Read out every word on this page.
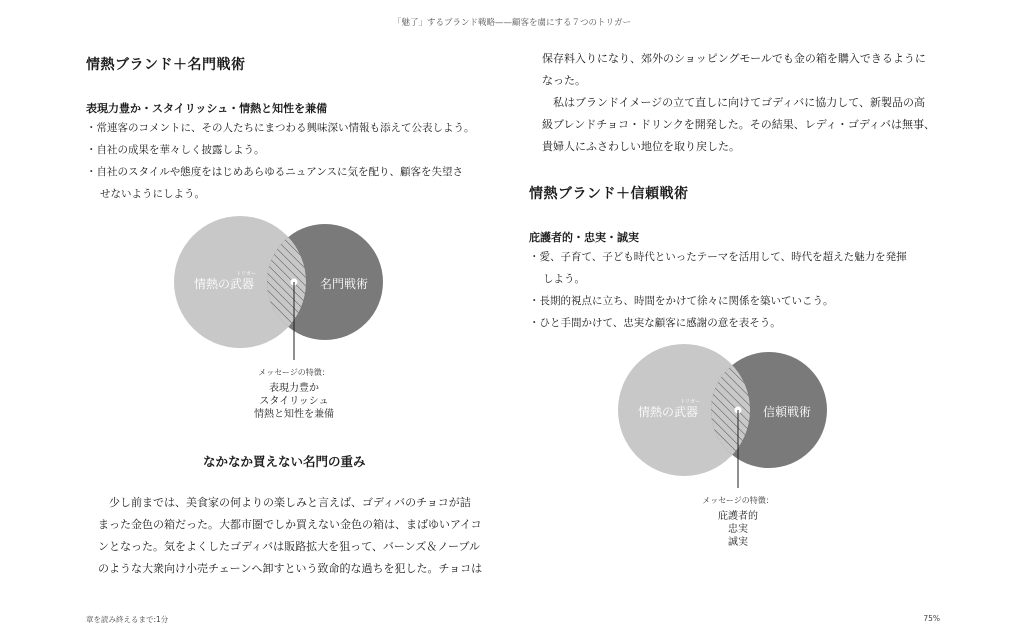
「魅了」するブランド戦略——顧客を虜にする７つのトリガー
情熱ブランド＋名門戦術
表現力豊か・スタイリッシュ・情熱と知性を兼備
・常連客のコメントに、その人たちにまつわる興味深い情報も添えて公表しよう。
・自社の成果を華々しく披露しよう。
・自社のスタイルや態度をはじめあらゆるニュアンスに気を配り、顧客を失望さ
せないようにしよう。
トリガー
情熱の武器	名門戦術
メッセージの特徴：
表現力豊か
スタイリッシュ
情熱と知性を兼備
なかなか買えない名門の重み
　少し前までは、美食家の何よりの楽しみと言えば、ゴディバのチョコが詰
まった金色の箱だった。大都市圏でしか買えない金色の箱は、まばゆいアイコ
ンとなった。気をよくしたゴディバは販路拡大を狙って、バーンズ＆ノーブル
のような大衆向け小売チェーンへ卸すという致命的な過ちを犯した。チョコは
保存料入りになり、郊外のショッピングモールでも金の箱を購入できるように
なった。
　私はブランドイメージの立て直しに向けてゴディバに協力して、新製品の高
級ブレンドチョコ・ドリンクを開発した。その結果、レディ・ゴディバは無事、
貴婦人にふさわしい地位を取り戻した。
情熱ブランド＋信頼戦術
庇護者的・忠実・誠実
・愛、子育て、子ども時代といったテーマを活用して、時代を超えた魅力を発揮
しよう。
・長期的視点に立ち、時間をかけて徐々に関係を築いていこう。
・ひと手間かけて、忠実な顧客に感謝の意を表そう。
トリガー
情熱の武器	信頼戦術
メッセージの特徴：
庇護者的
忠実
誠実
章を読み終えるまで:1分	75%
